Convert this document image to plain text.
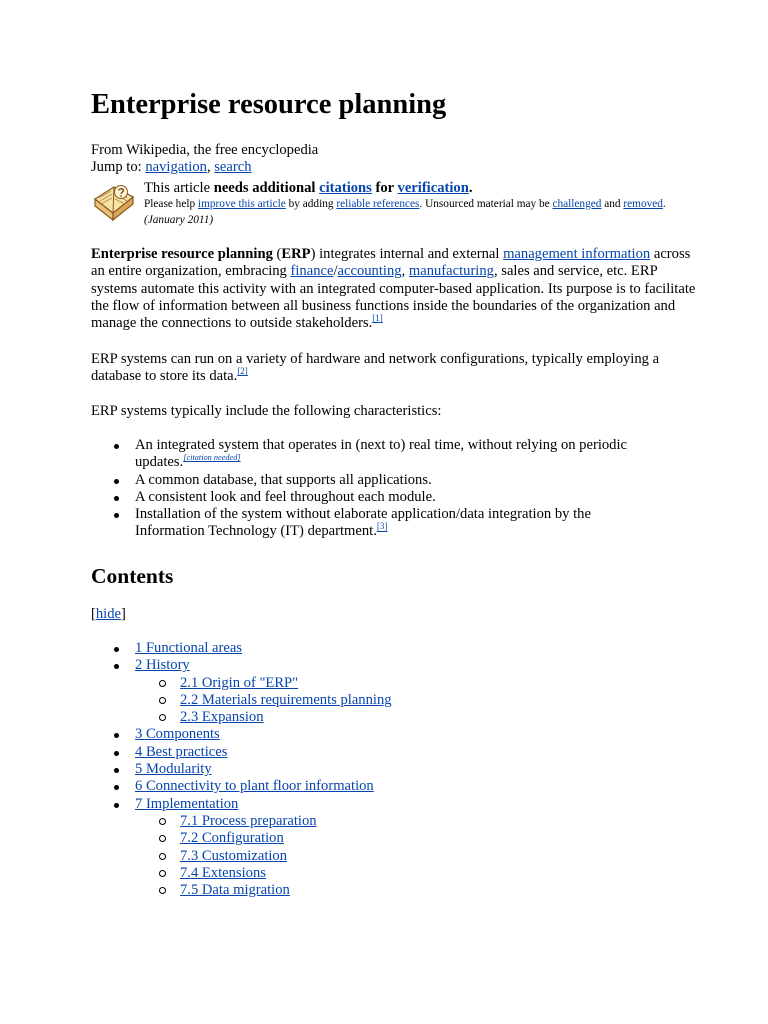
Enterprise resource planning
From Wikipedia, the free encyclopedia
Jump to: navigation, search
This article needs additional citations for verification.
Please help improve this article by adding reliable references. Unsourced material may be challenged and removed. (January 2011)

Enterprise resource planning (ERP) integrates internal and external management information across an entire organization, embracing finance/accounting, manufacturing, sales and service, etc. ERP systems automate this activity with an integrated computer-based application. Its purpose is to facilitate the flow of information between all business functions inside the boundaries of the organization and manage the connections to outside stakeholders.[1]

ERP systems can run on a variety of hardware and network configurations, typically employing a database to store its data.[2]

ERP systems typically include the following characteristics:

An integrated system that operates in (next to) real time, without relying on periodic updates.[citation needed]
A common database, that supports all applications.
A consistent look and feel throughout each module.
Installation of the system without elaborate application/data integration by the Information Technology (IT) department.[3]
Contents
[hide]
1 Functional areas
2 History
2.1 Origin of "ERP"
2.2 Materials requirements planning
2.3 Expansion
3 Components
4 Best practices
5 Modularity
6 Connectivity to plant floor information
7 Implementation
7.1 Process preparation
7.2 Configuration
7.3 Customization
7.4 Extensions
7.5 Data migration
